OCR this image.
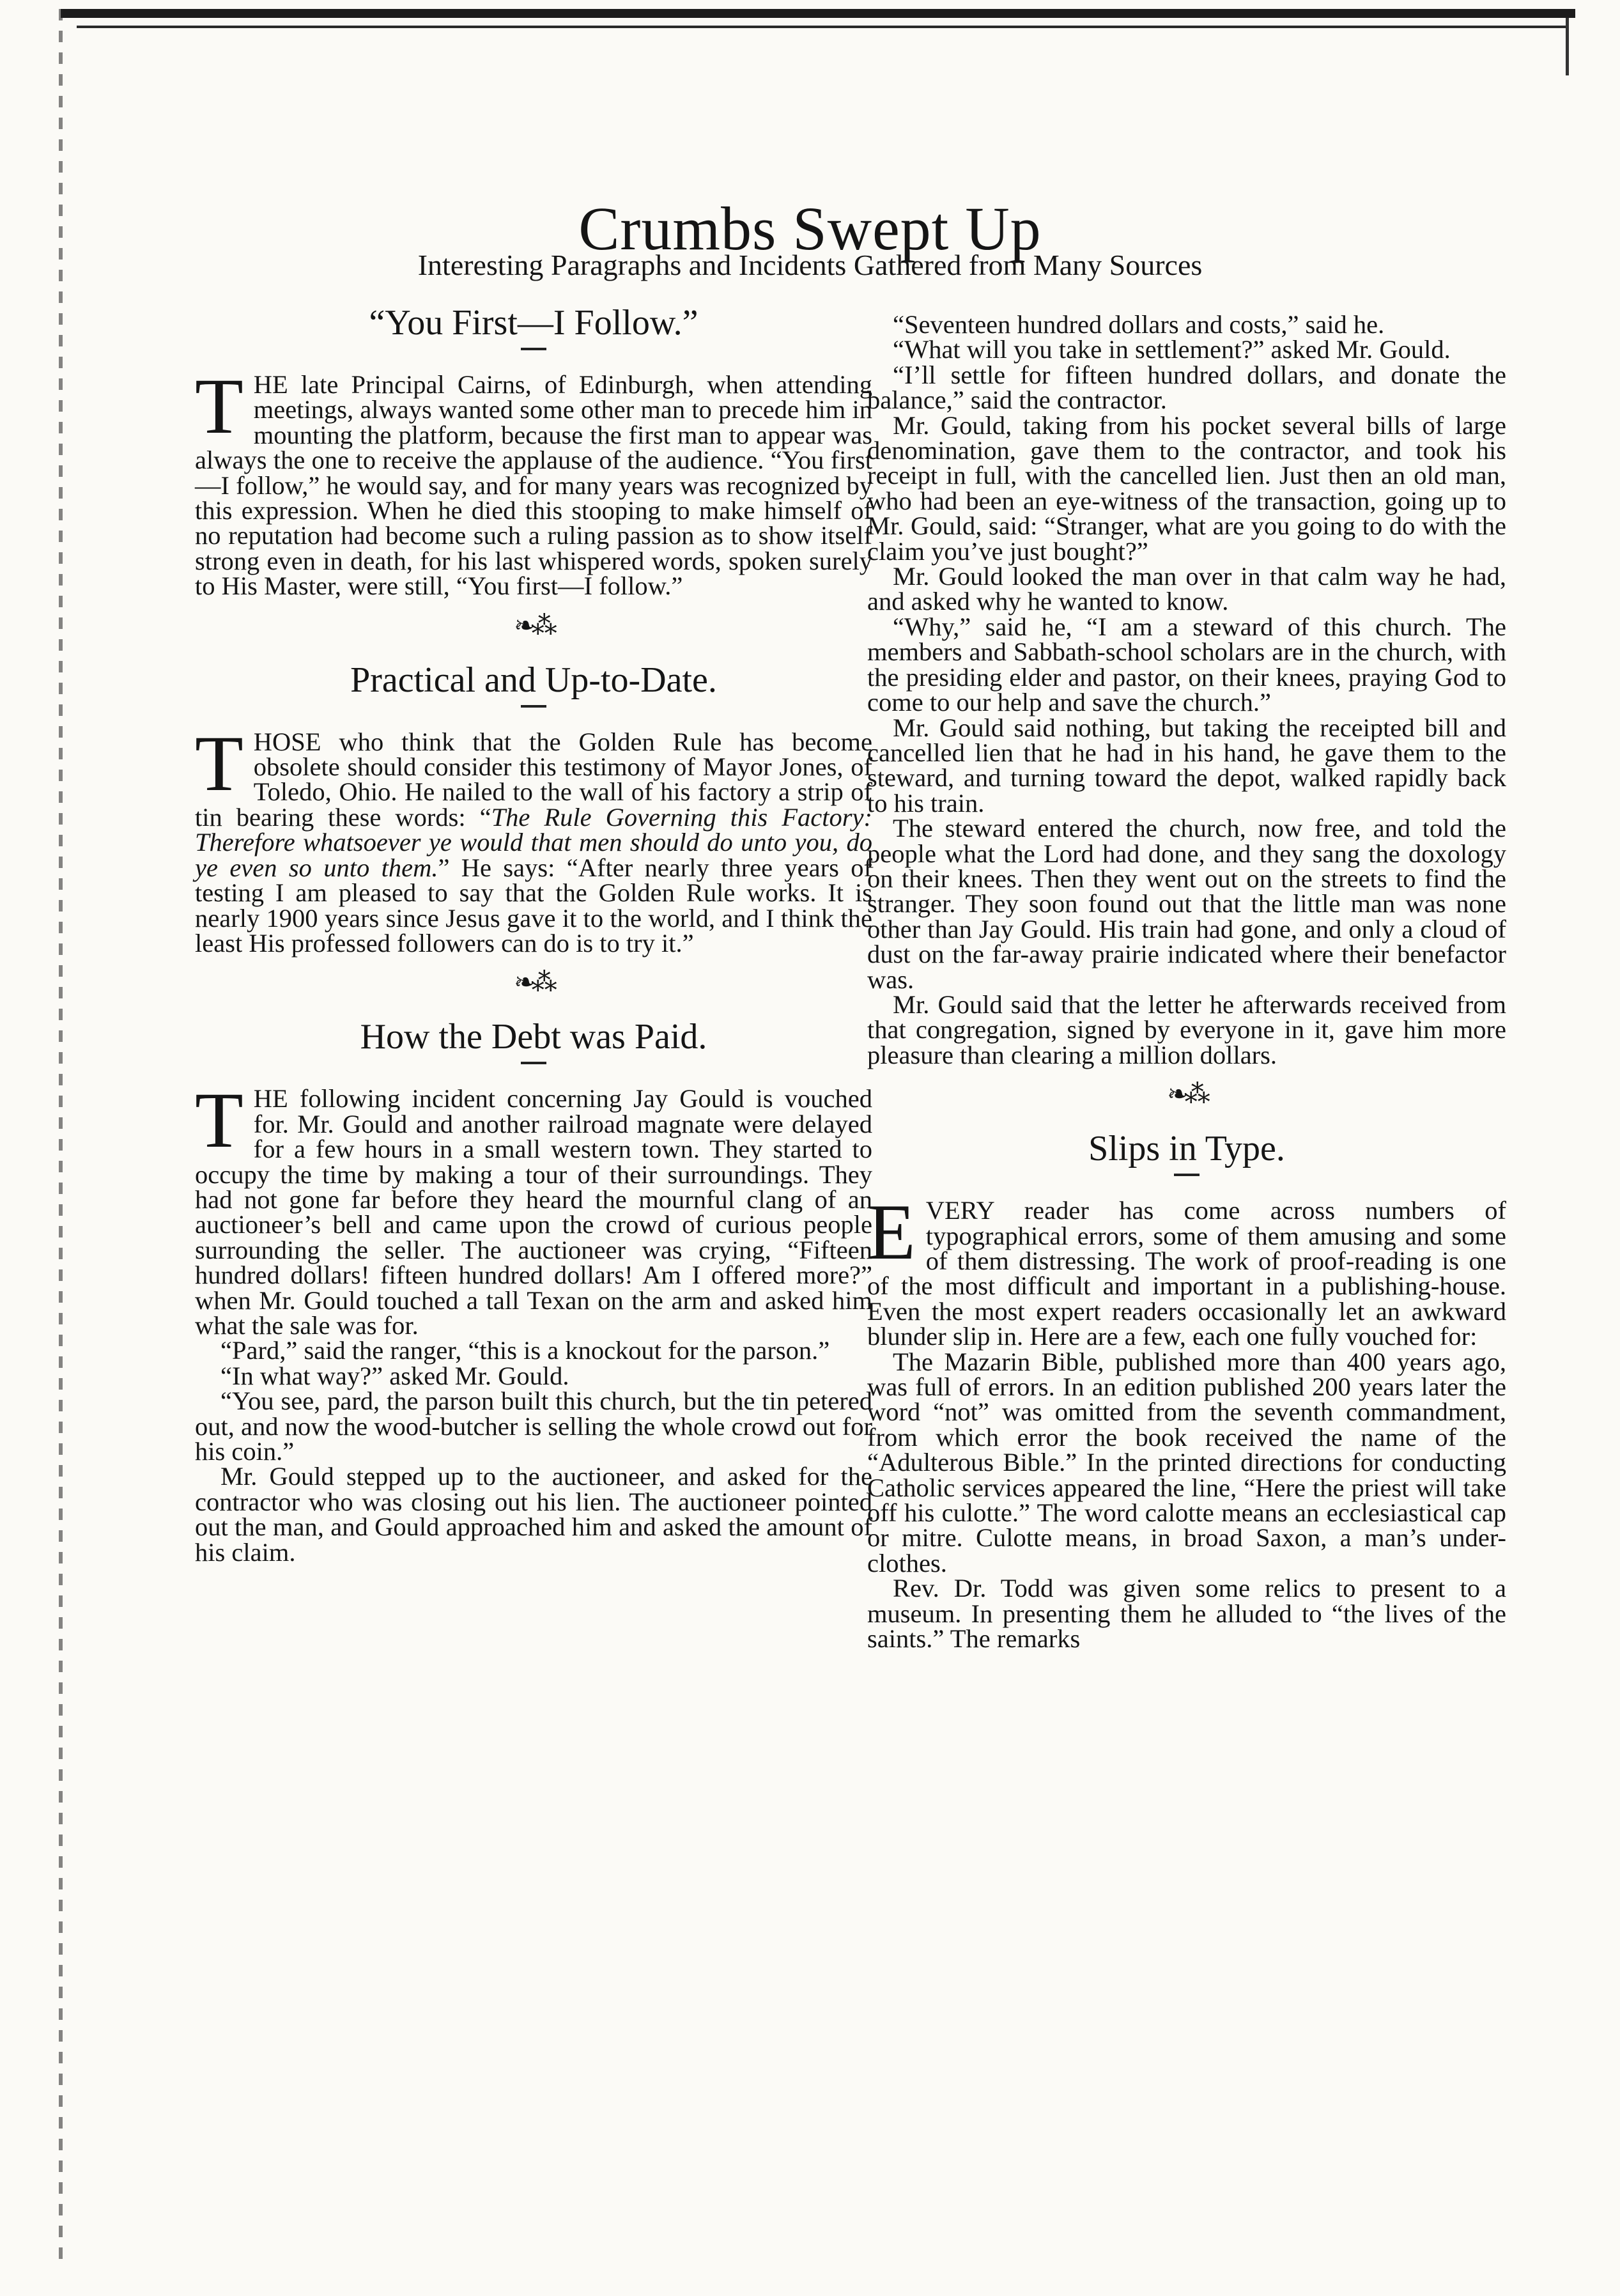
Crumbs Swept Up
Interesting Paragraphs and Incidents Gathered from Many Sources
“You First—I Follow.”

THE late Principal Cairns, of Edinburgh, when attending meetings, always wanted some other man to precede him in mounting the platform, because the first man to appear was always the one to receive the applause of the audience. “You first—I follow,” he would say, and for many years was recognized by this expression. When he died this stooping to make himself of no reputation had become such a ruling passion as to show itself strong even in death, for his last whispered words, spoken surely to His Master, were still, “You first—I follow.”

❧⁂
Practical and Up-to-Date.

THOSE who think that the Golden Rule has become obsolete should consider this testimony of Mayor Jones, of Toledo, Ohio. He nailed to the wall of his factory a strip of tin bearing these words: “The Rule Governing this Factory: Therefore whatsoever ye would that men should do unto you, do ye even so unto them.” He says: “After nearly three years of testing I am pleased to say that the Golden Rule works. It is nearly 1900 years since Jesus gave it to the world, and I think the least His professed followers can do is to try it.”

❧⁂
How the Debt was Paid.

THE following incident concerning Jay Gould is vouched for. Mr. Gould and another railroad magnate were delayed for a few hours in a small western town. They started to occupy the time by making a tour of their surroundings. They had not gone far before they heard the mournful clang of an auctioneer’s bell and came upon the crowd of curious people surrounding the seller. The auctioneer was crying, “Fifteen hundred dollars! fifteen hundred dollars! Am I offered more?” when Mr. Gould touched a tall Texan on the arm and asked him what the sale was for.

“Pard,” said the ranger, “this is a knockout for the parson.”

“In what way?” asked Mr. Gould.

“You see, pard, the parson built this church, but the tin petered out, and now the wood-butcher is selling the whole crowd out for his coin.”

Mr. Gould stepped up to the auctioneer, and asked for the contractor who was closing out his lien. The auctioneer pointed out the man, and Gould approached him and asked the amount of his claim.

“Seventeen hundred dollars and costs,” said he.

“What will you take in settlement?” asked Mr. Gould.

“I’ll settle for fifteen hundred dollars, and donate the balance,” said the contractor.

Mr. Gould, taking from his pocket several bills of large denomination, gave them to the contractor, and took his receipt in full, with the cancelled lien. Just then an old man, who had been an eye-witness of the transaction, going up to Mr. Gould, said: “Stranger, what are you going to do with the claim you’ve just bought?”

Mr. Gould looked the man over in that calm way he had, and asked why he wanted to know.

“Why,” said he, “I am a steward of this church. The members and Sabbath-school scholars are in the church, with the presiding elder and pastor, on their knees, praying God to come to our help and save the church.”

Mr. Gould said nothing, but taking the receipted bill and cancelled lien that he had in his hand, he gave them to the steward, and turning toward the depot, walked rapidly back to his train.

The steward entered the church, now free, and told the people what the Lord had done, and they sang the doxology on their knees. Then they went out on the streets to find the stranger. They soon found out that the little man was none other than Jay Gould. His train had gone, and only a cloud of dust on the far-away prairie indicated where their benefactor was.

Mr. Gould said that the letter he afterwards received from that congregation, signed by everyone in it, gave him more pleasure than clearing a million dollars.

❧⁂
Slips in Type.

EVERY reader has come across numbers of typographical errors, some of them amusing and some of them distressing. The work of proof-reading is one of the most difficult and important in a publishing-house. Even the most expert readers occasionally let an awkward blunder slip in. Here are a few, each one fully vouched for:

The Mazarin Bible, published more than 400 years ago, was full of errors. In an edition published 200 years later the word “not” was omitted from the seventh commandment, from which error the book received the name of the “Adulterous Bible.” In the printed directions for conducting Catholic services appeared the line, “Here the priest will take off his culotte.” The word calotte means an ecclesiastical cap or mitre. Culotte means, in broad Saxon, a man’s under-clothes.

Rev. Dr. Todd was given some relics to present to a museum. In presenting them he alluded to “the lives of the saints.” The remarks
